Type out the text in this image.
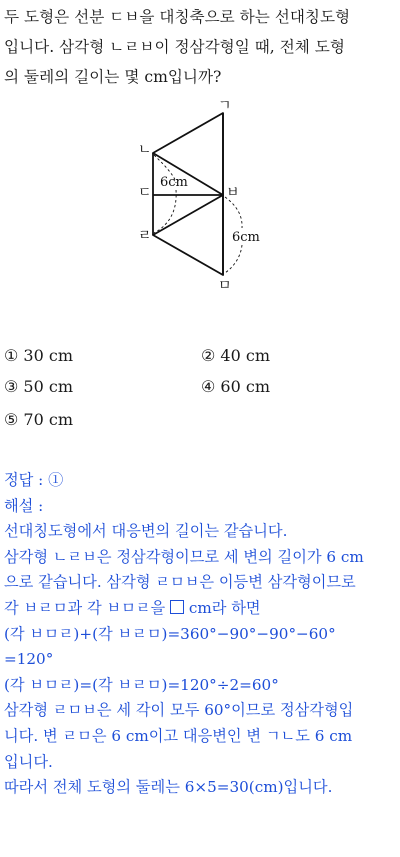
두 도형은 선분 ㄷㅂ을 대칭축으로 하는 선대칭도형
입니다. 삼각형 ㄴㄹㅂ이 정삼각형일 때, 전체 도형
의 둘레의 길이는 몇 cm입니까?
ㄱ
ㄴ
ㄷ	ㅂ
ㄹ
ㅁ
6cm
6cm
① 30 cm	② 40 cm
③ 50 cm	④ 60 cm
⑤ 70 cm
정답 : ①
해설 :
선대칭도형에서 대응변의 길이는 같습니다.
삼각형 ㄴㄹㅂ은 정삼각형이므로 세 변의 길이가 6 cm
으로 같습니다. 삼각형 ㄹㅁㅂ은 이등변 삼각형이므로
각 ㅂㄹㅁ과 각 ㅂㅁㄹ을 cm라 하면
(각 ㅂㅁㄹ)+(각 ㅂㄹㅁ)=360°−90°−90°−60°
=120°
(각 ㅂㅁㄹ)=(각 ㅂㄹㅁ)=120°÷2=60°
삼각형 ㄹㅁㅂ은 세 각이 모두 60°이므로 정삼각형입
니다. 변 ㄹㅁ은 6 cm이고 대응변인 변 ㄱㄴ도 6 cm
입니다.
따라서 전체 도형의 둘레는 6×5=30(cm)입니다.
